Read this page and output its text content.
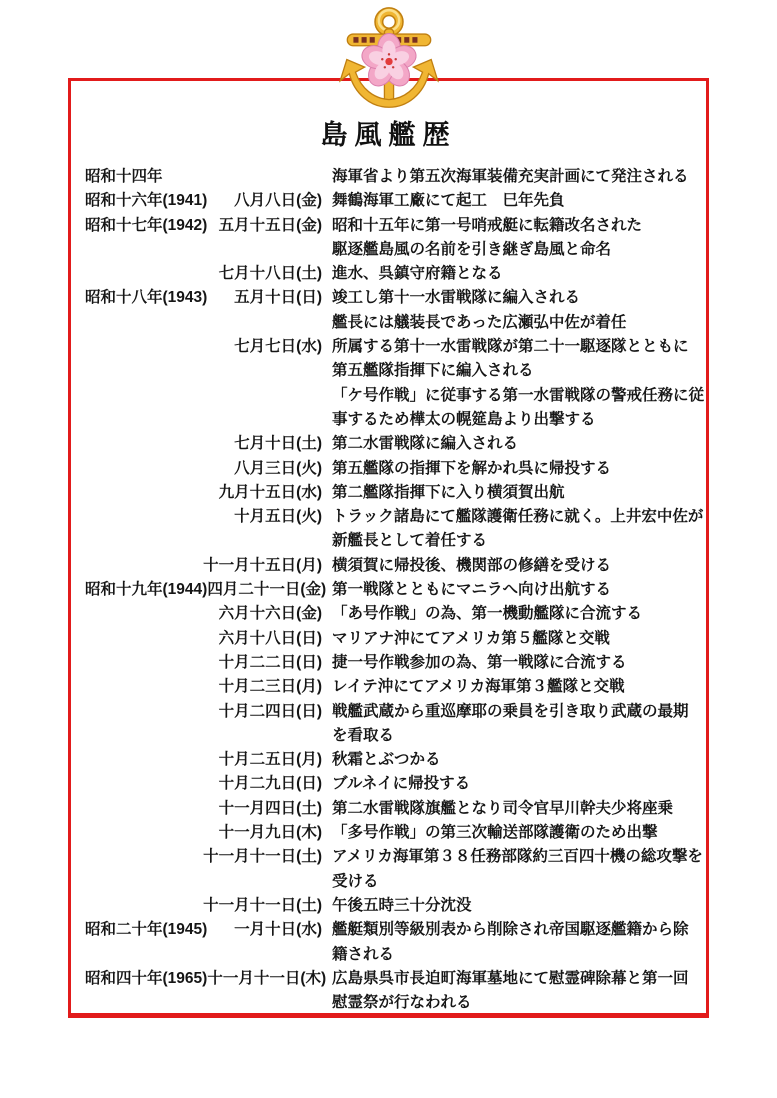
島風艦歴
昭和十四年	海軍省より第五次海軍装備充実計画にて発注される
昭和十六年(1941) 八月八日(金) 舞鶴海軍工廠にて起工　巳年先負
昭和十七年(1942) 五月十五日(金) 昭和十五年に第一号哨戒艇に転籍改名された
駆逐艦島風の名前を引き継ぎ島風と命名
七月十八日(土) 進水、呉鎮守府籍となる
昭和十八年(1943) 五月十日(日) 竣工し第十一水雷戦隊に編入される
艦長には艤装長であった広瀬弘中佐が着任
七月七日(水) 所属する第十一水雷戦隊が第二十一駆逐隊とともに
第五艦隊指揮下に編入される
「ケ号作戦」に従事する第一水雷戦隊の警戒任務に従
事するため樺太の幌筵島より出撃する
七月十日(土) 第二水雷戦隊に編入される
八月三日(火) 第五艦隊の指揮下を解かれ呉に帰投する
九月十五日(水) 第二艦隊指揮下に入り横須賀出航
十月五日(火) トラック諸島にて艦隊護衛任務に就く。上井宏中佐が
新艦長として着任する
十一月十五日(月) 横須賀に帰投後、機関部の修繕を受ける
昭和十九年(1944) 四月二十一日(金) 第一戦隊とともにマニラへ向け出航する
六月十六日(金) 「あ号作戦」の為、第一機動艦隊に合流する
六月十八日(日) マリアナ沖にてアメリカ第５艦隊と交戦
十月二二日(日) 捷一号作戦参加の為、第一戦隊に合流する
十月二三日(月) レイテ沖にてアメリカ海軍第３艦隊と交戦
十月二四日(日) 戦艦武蔵から重巡摩耶の乗員を引き取り武蔵の最期
を看取る
十月二五日(月) 秋霜とぶつかる
十月二九日(日) ブルネイに帰投する
十一月四日(土) 第二水雷戦隊旗艦となり司令官早川幹夫少将座乗
十一月九日(木) 「多号作戦」の第三次輸送部隊護衛のため出撃
十一月十一日(土) アメリカ海軍第３８任務部隊約三百四十機の総攻撃を
受ける
十一月十一日(土) 午後五時三十分沈没
昭和二十年(1945) 一月十日(水) 艦艇類別等級別表から削除され帝国駆逐艦籍から除
籍される
昭和四十年(1965) 十一月十一日(木) 広島県呉市長迫町海軍墓地にて慰霊碑除幕と第一回
慰霊祭が行なわれる
